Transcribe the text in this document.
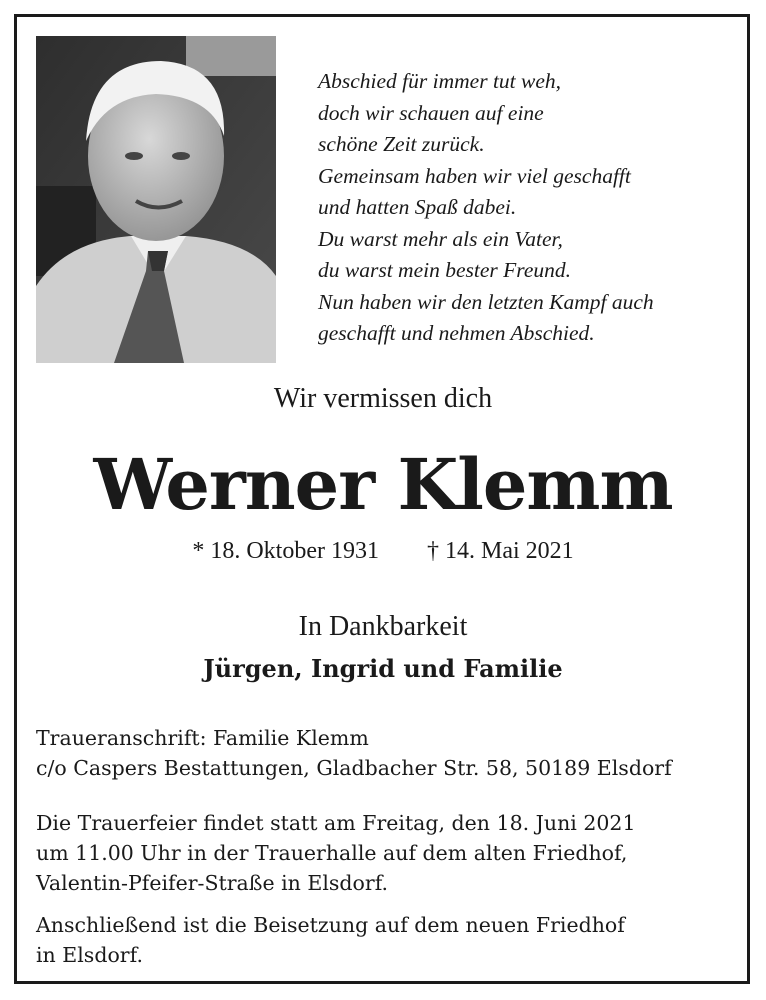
Abschied für immer tut weh,
doch wir schauen auf eine
schöne Zeit zurück.
Gemeinsam haben wir viel geschafft
und hatten Spaß dabei.
Du warst mehr als ein Vater,
du warst mein bester Freund.
Nun haben wir den letzten Kampf auch
geschafft und nehmen Abschied.
Wir vermissen dich
Werner Klemm
* 18. Oktober 1931 † 14. Mai 2021
In Dankbarkeit
Jürgen, Ingrid und Familie
Traueranschrift: Familie Klemm
c/o Caspers Bestattungen, Gladbacher Str. 58, 50189 Elsdorf
Die Trauerfeier findet statt am Freitag, den 18. Juni 2021
um 11.00 Uhr in der Trauerhalle auf dem alten Friedhof,
Valentin-Pfeifer-Straße in Elsdorf.
Anschließend ist die Beisetzung auf dem neuen Friedhof
in Elsdorf.
